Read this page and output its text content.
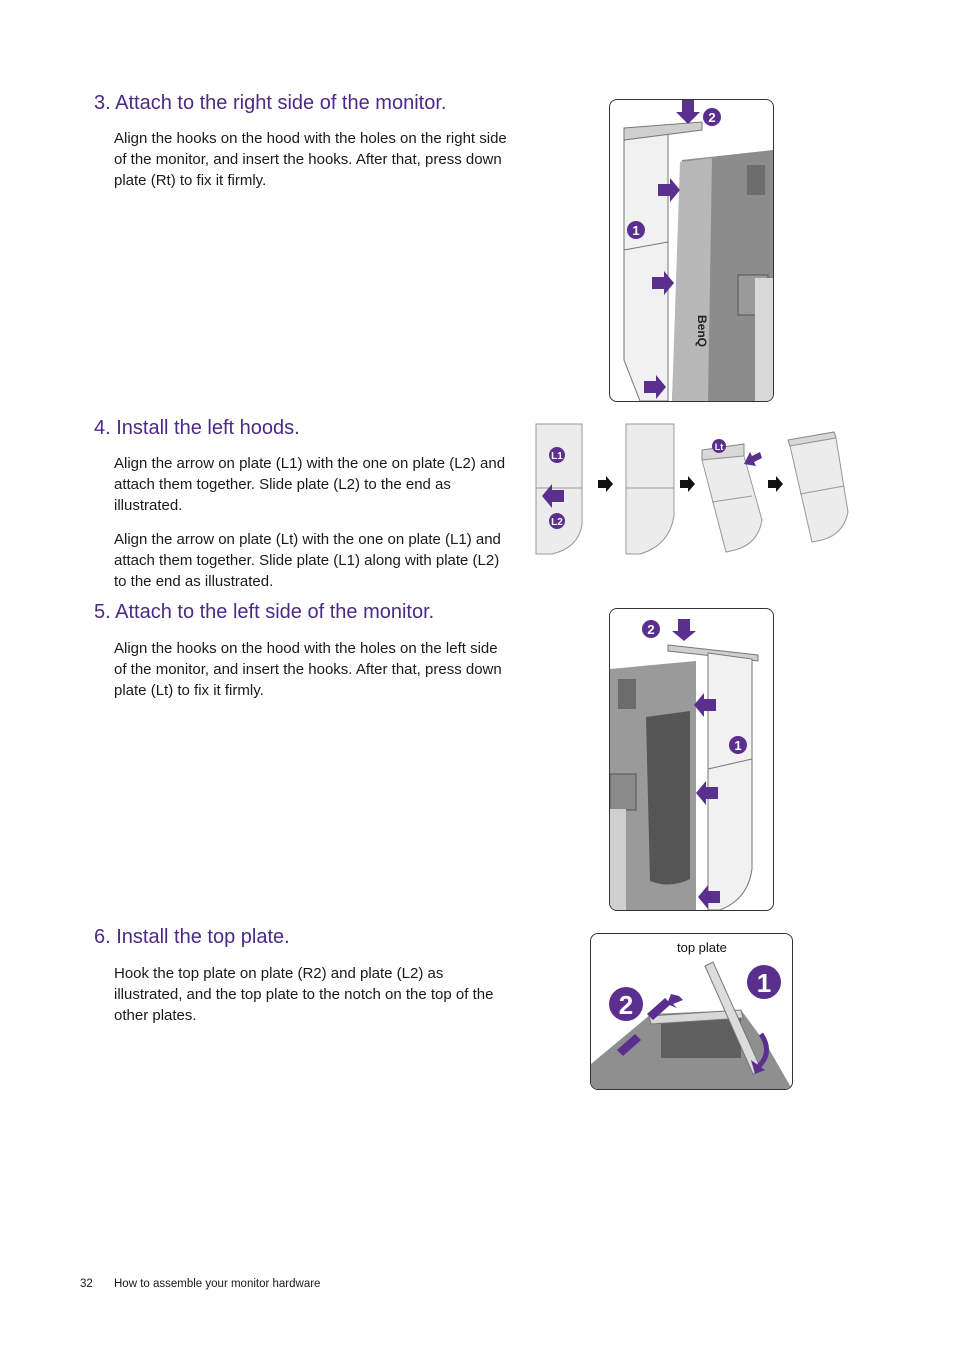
3. Attach to the right side of the monitor.

Align the hooks on the hood with the holes on the right side of the monitor, and insert the hooks. After that, press down plate (Rt) to fix it firmly.

BenQ
2
1
4. Install the left hoods.

Align the arrow on plate (L1) with the one on plate (L2) and attach them together. Slide plate (L2) to the end as illustrated.

Align the arrow on plate (Lt) with the one on plate (L1) and attach them together. Slide plate (L1) along with plate (L2) to the end as illustrated.

L1
L2
Lt
5. Attach to the left side of the monitor.

Align the hooks on the hood with the holes on the left side of the monitor, and insert the hooks. After that, press down plate (Lt) to fix it firmly.

2
1
6. Install the top plate.

Hook the top plate on plate (R2) and plate (L2) as illustrated, and the top plate to the notch on the top of the other plates.

top plate
1
2
32 How to assemble your monitor hardware
